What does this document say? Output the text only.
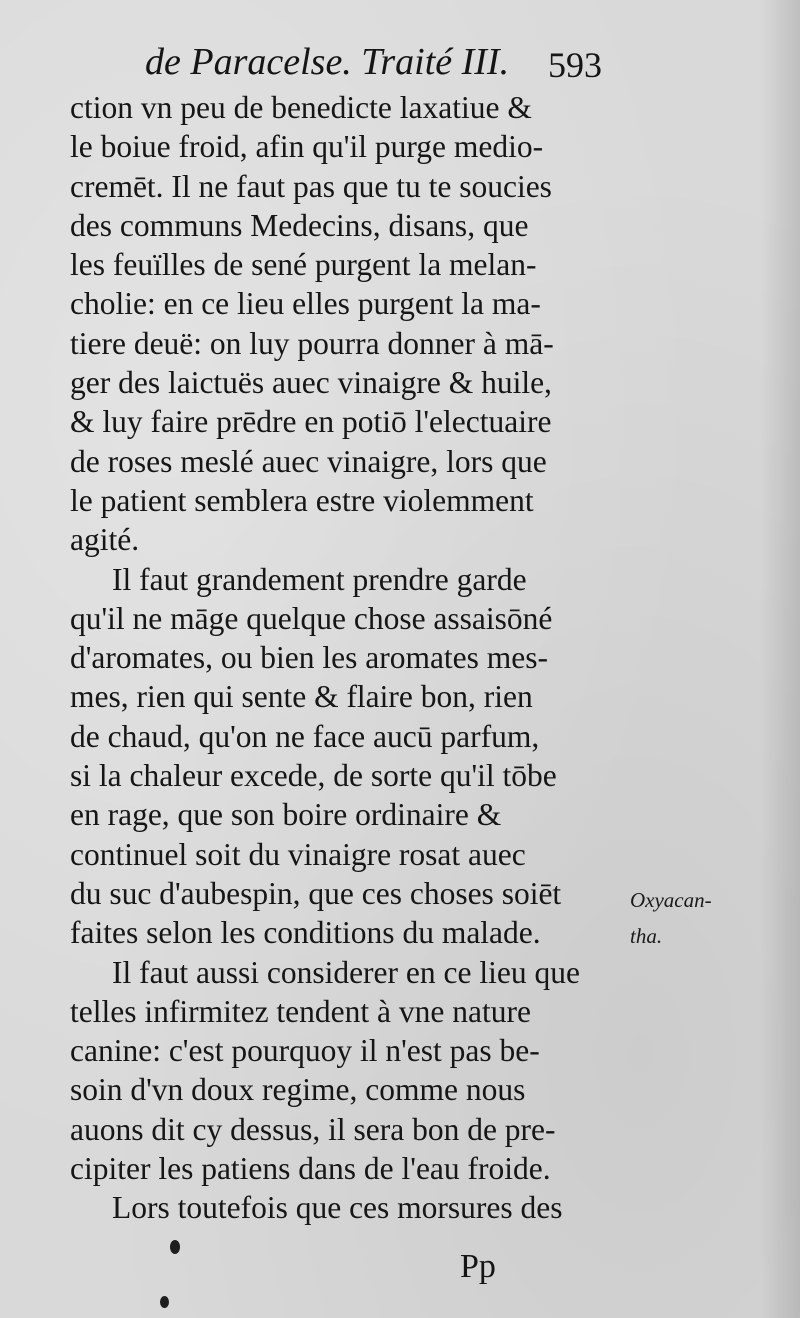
de Paracelse. Traité III.	593
ction vn peu de benedicte laxatiue &
le boiue froid, afin qu'il purge medio-
cremēt. Il ne faut pas que tu te soucies
des communs Medecins, disans, que
les feuïlles de sené purgent la melan-
cholie: en ce lieu elles purgent la ma-
tiere deuë: on luy pourra donner à mā-
ger des laictuës auec vinaigre & huile,
& luy faire prēdre en potiō l'electuaire
de roses meslé auec vinaigre, lors que
le patient semblera estre violemment
agité.
Il faut grandement prendre garde
qu'il ne māge quelque chose assaisōné
d'aromates, ou bien les aromates mes-
mes, rien qui sente & flaire bon, rien
de chaud, qu'on ne face aucū parfum,
si la chaleur excede, de sorte qu'il tōbe
en rage, que son boire ordinaire &
continuel soit du vinaigre rosat auec
du suc d'aubespin, que ces choses soiēt
faites selon les conditions du malade.
Il faut aussi considerer en ce lieu que
telles infirmitez tendent à vne nature
canine: c'est pourquoy il n'est pas be-
soin d'vn doux regime, comme nous
auons dit cy dessus, il sera bon de pre-
cipiter les patiens dans de l'eau froide.
Lors toutefois que ces morsures des
Oxyacan-
tha.
Pp
